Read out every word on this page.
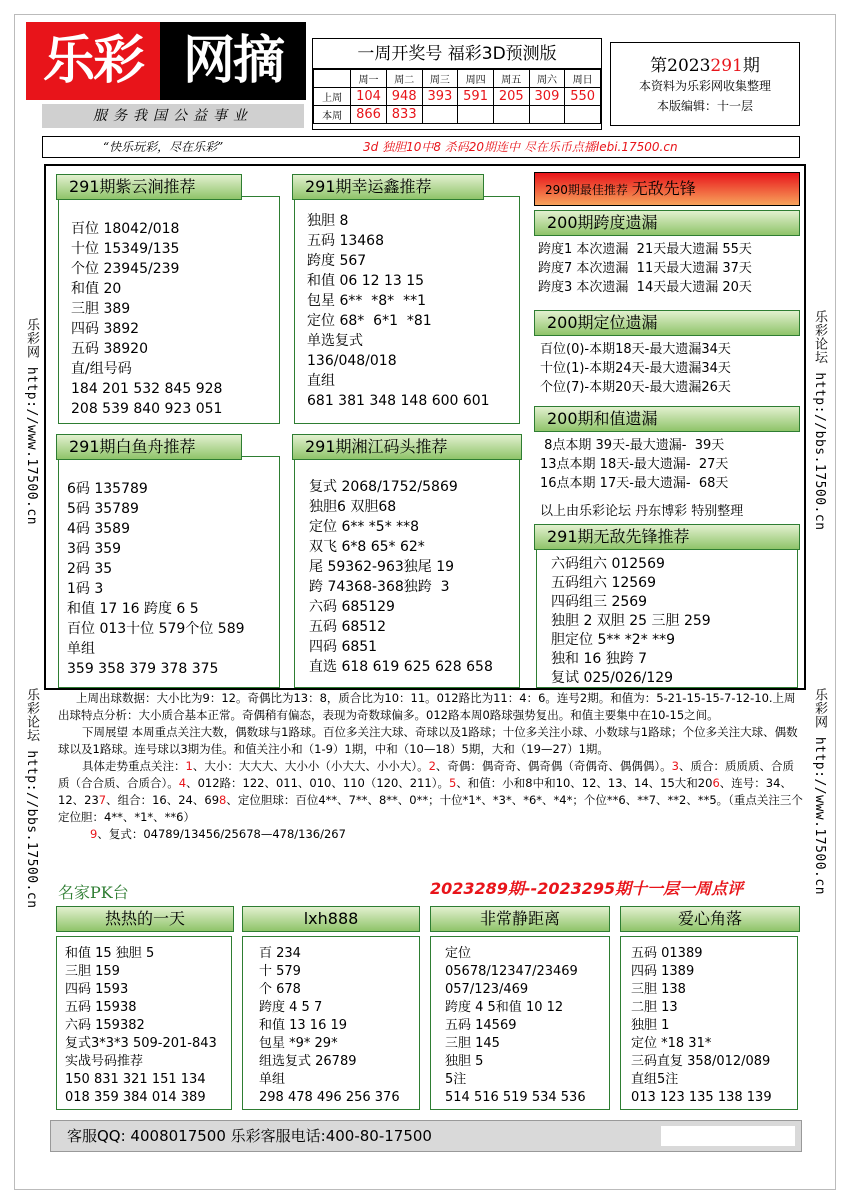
乐彩 网摘
服务我国公益事业
一周开奖号 福彩3D预测版
	周一	周二	周三	周四	周五	周六	周日
上周	104	948	393	591	205	309	550
本周	866	833					
第2023291期
本资料为乐彩网收集整理
本版编辑：十一层
“快乐玩彩，尽在乐彩”	3d 独胆10中8 杀码20期连中 尽在乐币点播lebi.17500.cn
乐彩网 http://www.17500.cn
乐彩论坛 http://bbs.17500.cn
乐彩论坛 http://bbs.17500.cn
乐彩网 http://www.17500.cn
百位 18042/018
十位 15349/135
个位 23945/239
和值 20
三胆 389
四码 3892
五码 38920
直/组号码
184 201 532 845 928
208 539 840 923 051
291期紫云涧推荐
独胆 8
五码 13468
跨度 567
和值 06 12 13 15
包星 6**  *8*  **1
定位 68*  6*1  *81
单选复式
136/048/018
直组
681 381 348 148 600 601
291期幸运鑫推荐
6码 135789
5码 35789
4码 3589
3码 359
2码 35
1码 3
和值 17 16 跨度 6 5
百位 013十位 579个位 589
单组
359 358 379 378 375
291期白鱼舟推荐
复式 2068/1752/5869
独胆6 双胆68
定位 6** *5* **8
双飞 6*8 65* 62*
尾 59362-963独尾 19
跨 74368-368独跨  3
六码 685129
五码 68512
四码 6851
直选 618 619 625 628 658
291期湘江码头推荐
290期最佳推荐 无敌先锋
200期跨度遗漏
跨度1 本次遗漏  21天最大遗漏 55天
跨度7 本次遗漏  11天最大遗漏 37天
跨度3 本次遗漏  14天最大遗漏 20天
200期定位遗漏
百位(0)-本期18天-最大遗漏34天
十位(1)-本期24天-最大遗漏34天
个位(7)-本期20天-最大遗漏26天
200期和值遗漏
8点本期 39天-最大遗漏-  39天
13点本期 18天-最大遗漏-  27天
16点本期 17天-最大遗漏-  68天
以上由乐彩论坛 丹东博彩 特别整理
六码组六 012569
五码组六 12569
四码组三 2569
独胆 2 双胆 25 三胆 259
胆定位 5** *2* **9
独和 16 独跨 7
复试 025/026/129
291期无敌先锋推荐

上周出球数据：大小比为9：12。奇偶比为13：8，质合比为10：11。012路比为11：4：6。连号2期。和值为：5-21-15-15-7-12-10.上周出球特点分析：大小质合基本正常。奇偶稍有偏态，表现为奇数球偏多。012路本周0路球强势复出。和值主要集中在10-15之间。

下周展望 本周重点关注大数，偶数球与1路球。百位多关注大球、奇球以及1路球；十位多关注小球、小数球与1路球；个位多关注大球、偶数球以及1路球。连号球以3期为佳。和值关注小和（1-9）1期，中和（10—18）5期，大和（19—27）1期。

具体走势重点关注：1、大小：大大大、大小小（小大大、小小大）。2、奇偶：偶奇奇、偶奇偶（奇偶奇、偶偶偶）。3、质合：质质质、合质质（合合质、合质合）。4、012路：122、011、010、110（120、211）。5、和值：小和8中和10、12、13、14、15大和206、连号：34、12、237、组合：16、24、698、定位胆球：百位4**、7**、8**、0**；十位*1*、*3*、*6*、*4*；个位**6、**7、**2、**5。（重点关注三个定位胆：4**、*1*、**6）

9、复式：04789/13456/25678—478/136/267

名家PK台	2023289期--2023295期十一层一周点评
热热的一天
和值 15 独胆 5
三胆 159
四码 1593
五码 15938
六码 159382
复式3*3*3 509-201-843
实战号码推荐
150 831 321 151 134
018 359 384 014 389
lxh888
百 234
十 579
个 678
跨度 4 5 7
和值 13 16 19
包星 *9* 29*
组选复式 26789
单组
298 478 496 256 376
非常静距离
定位
05678/12347/23469
057/123/469
跨度 4 5和值 10 12
五码 14569
三胆 145
独胆 5
5注
514 516 519 534 536
爱心角落
五码 01389
四码 1389
三胆 138
二胆 13
独胆 1
定位 *18 31*
三码直复 358/012/089
直组5注
013 123 135 138 139
客服QQ: 4008017500 乐彩客服电话:400-80-17500
